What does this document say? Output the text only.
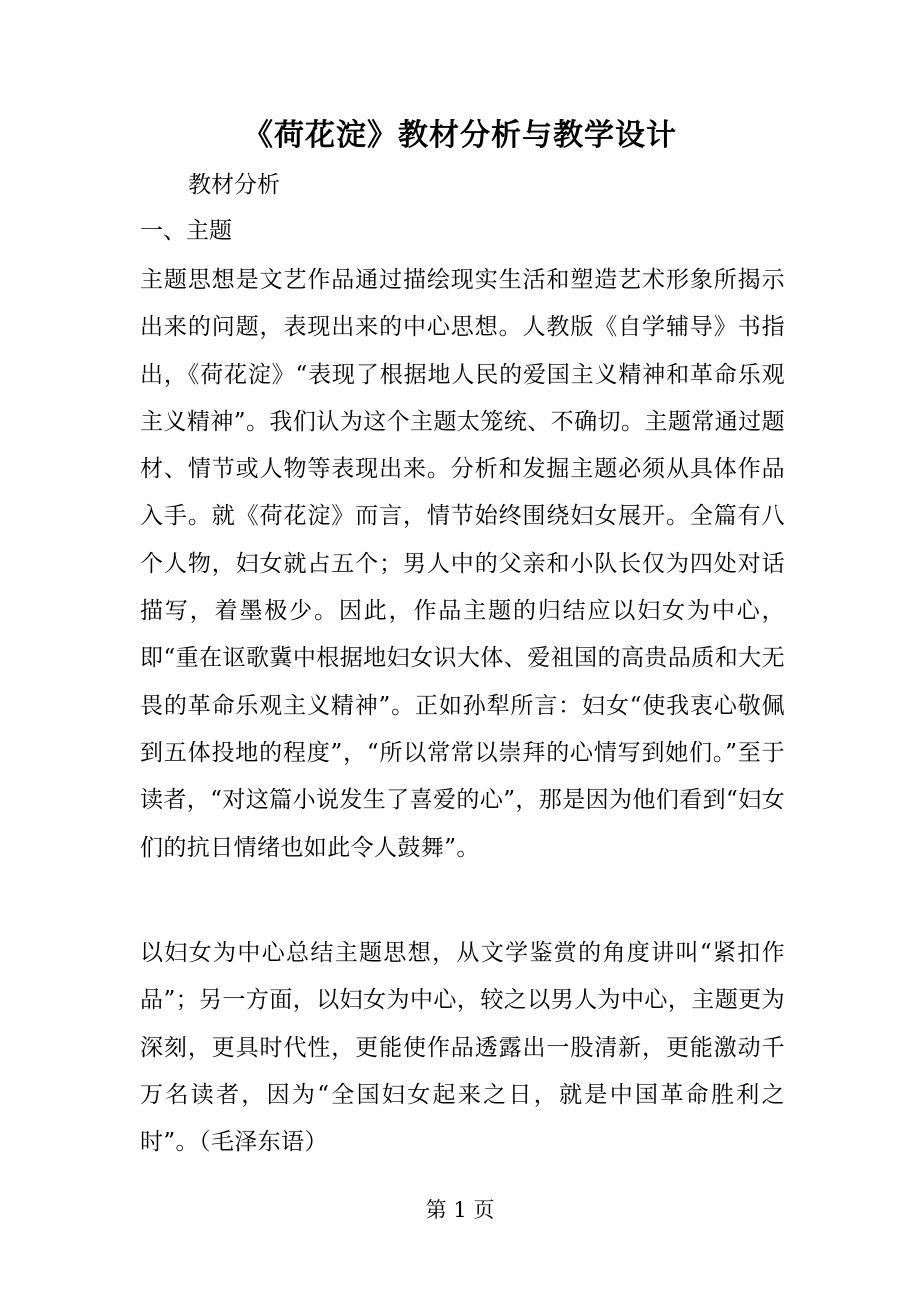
《荷花淀》教材分析与教学设计

教材分析

一、主题

主题思想是文艺作品通过描绘现实生活和塑造艺术形象所揭示出来的问题，表现出来的中心思想。人教版《自学辅导》书指出，《荷花淀》“表现了根据地人民的爱国主义精神和革命乐观主义精神”。我们认为这个主题太笼统、不确切。主题常通过题材、情节或人物等表现出来。分析和发掘主题必须从具体作品入手。就《荷花淀》而言，情节始终围绕妇女展开。全篇有八个人物，妇女就占五个；男人中的父亲和小队长仅为四处对话描写，着墨极少。因此，作品主题的归结应以妇女为中心，即“重在讴歌冀中根据地妇女识大体、爱祖国的高贵品质和大无畏的革命乐观主义精神”。正如孙犁所言：妇女“使我衷心敬佩到五体投地的程度”，“所以常常以崇拜的心情写到她们。”至于读者，“对这篇小说发生了喜爱的心”，那是因为他们看到“妇女们的抗日情绪也如此令人鼓舞”。

以妇女为中心总结主题思想，从文学鉴赏的角度讲叫“紧扣作品”；另一方面，以妇女为中心，较之以男人为中心，主题更为深刻，更具时代性，更能使作品透露出一股清新，更能激动千万名读者，因为“全国妇女起来之日，就是中国革命胜利之时”。（毛泽东语）

第 1 页
